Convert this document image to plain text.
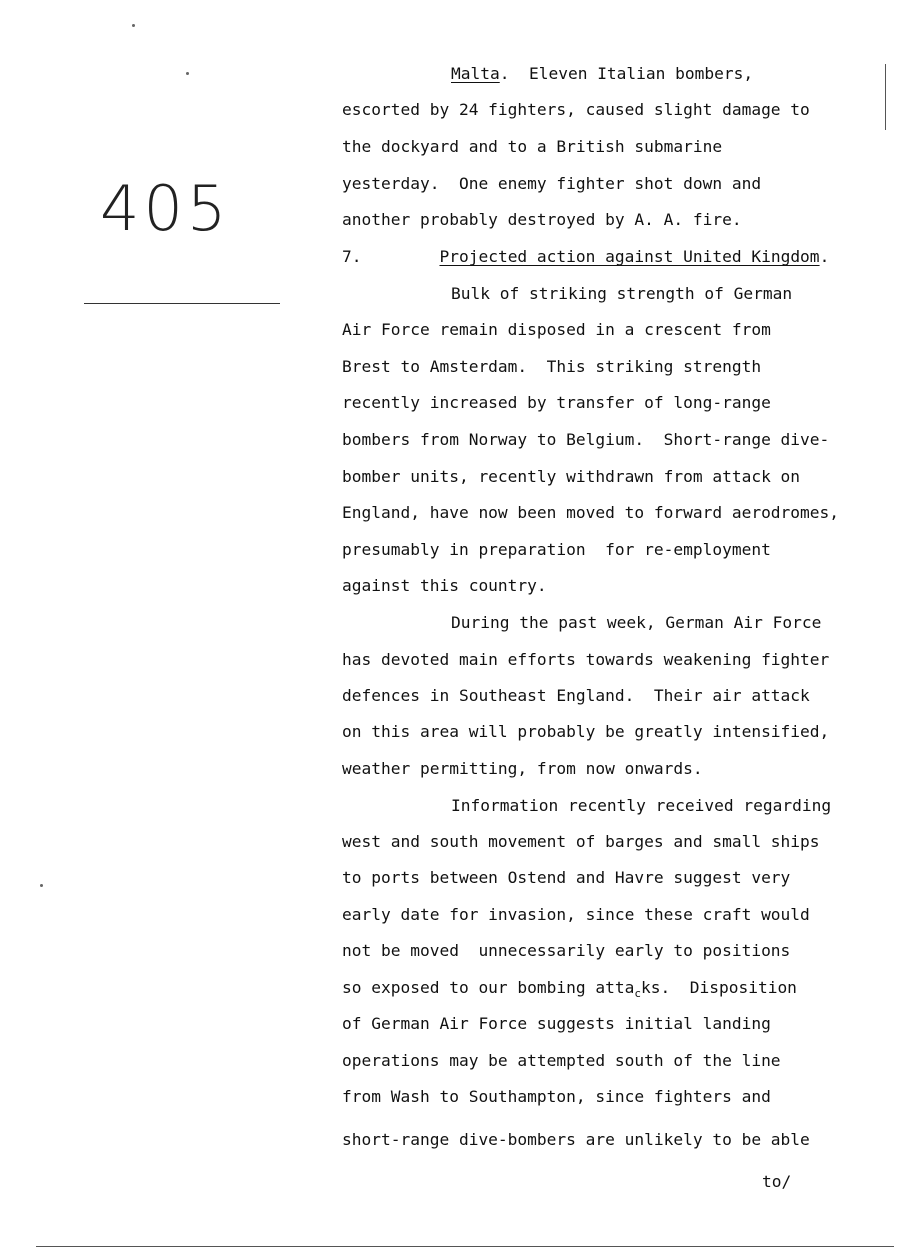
405
Malta.  Eleven Italian bombers,
escorted by 24 fighters, caused slight damage to
the dockyard and to a British submarine
yesterday.  One enemy fighter shot down and
another probably destroyed by A. A. fire.
7.        Projected action against United Kingdom.
Bulk of striking strength of German
Air Force remain disposed in a crescent from
Brest to Amsterdam.  This striking strength
recently increased by transfer of long-range
bombers from Norway to Belgium.  Short-range dive-
bomber units, recently withdrawn from attack on
England, have now been moved to forward aerodromes,
presumably in preparation  for re-employment
against this country.
During the past week, German Air Force
has devoted main efforts towards weakening fighter
defences in Southeast England.  Their air attack
on this area will probably be greatly intensified,
weather permitting, from now onwards.
Information recently received regarding
west and south movement of barges and small ships
to ports between Ostend and Havre suggest very
early date for invasion, since these craft would
not be moved  unnecessarily early to positions
so exposed to our bombing atta$_c$ks.  Disposition
of German Air Force suggests initial landing
operations may be attempted south of the line
from Wash to Southampton, since fighters and
short-range dive-bombers are unlikely to be able
to/
